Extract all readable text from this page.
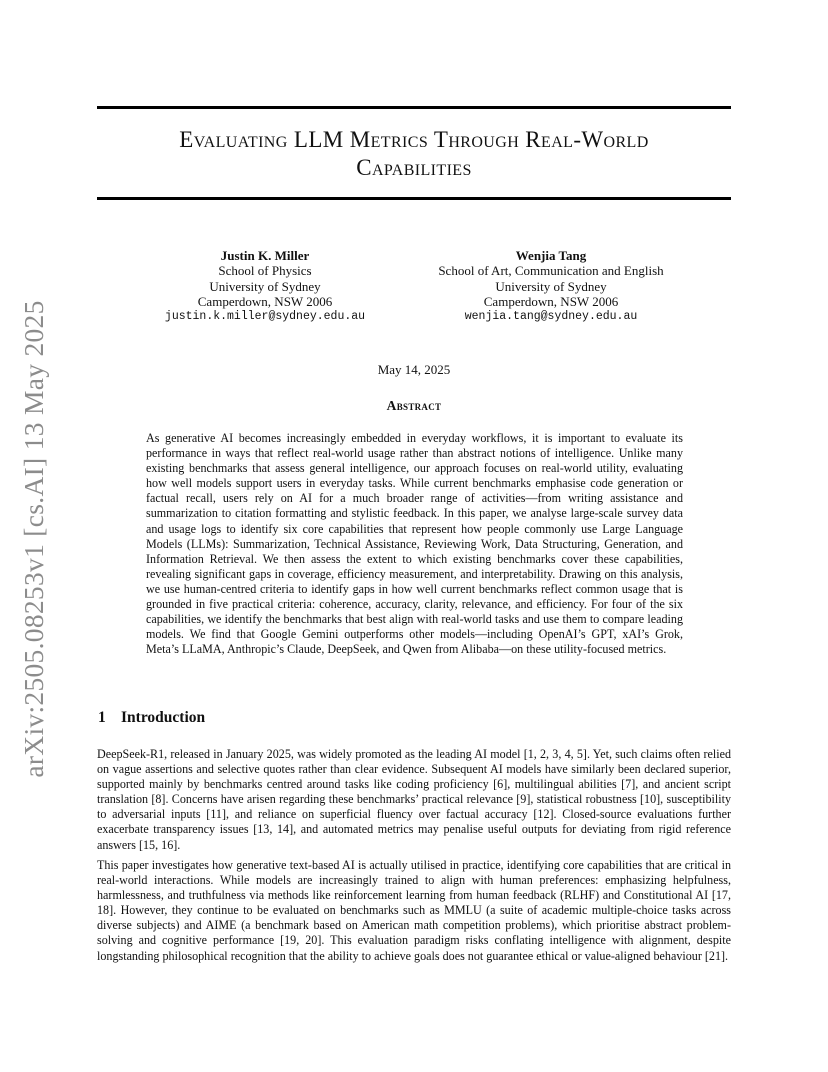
arXiv:2505.08253v1 [cs.AI] 13 May 2025
Evaluating LLM Metrics Through Real-World
Capabilities
Justin K. Miller
School of Physics
University of Sydney
Camperdown, NSW 2006
justin.k.miller@sydney.edu.au
Wenjia Tang
School of Art, Communication and English
University of Sydney
Camperdown, NSW 2006
wenjia.tang@sydney.edu.au
May 14, 2025
Abstract

As generative AI becomes increasingly embedded in everyday workflows, it is important to evaluate its performance in ways that reflect real-world usage rather than abstract notions of intelligence. Unlike many existing benchmarks that assess general intelligence, our approach focuses on real-world utility, evaluating how well models support users in everyday tasks. While current benchmarks emphasise code generation or factual recall, users rely on AI for a much broader range of activities—from writing assistance and summarization to citation formatting and stylistic feedback. In this paper, we analyse large-scale survey data and usage logs to identify six core capabilities that represent how people commonly use Large Language Models (LLMs): Summarization, Technical Assistance, Reviewing Work, Data Structuring, Generation, and Information Retrieval. We then assess the extent to which existing benchmarks cover these capabilities, revealing significant gaps in coverage, efficiency measurement, and interpretability. Drawing on this analysis, we use human-centred criteria to identify gaps in how well current benchmarks reflect common usage that is grounded in five practical criteria: coherence, accuracy, clarity, relevance, and efficiency. For four of the six capabilities, we identify the benchmarks that best align with real-world tasks and use them to compare leading models. We find that Google Gemini outperforms other models—including OpenAI’s GPT, xAI’s Grok, Meta’s LLaMA, Anthropic’s Claude, DeepSeek, and Qwen from Alibaba—on these utility-focused metrics.

1 Introduction

DeepSeek-R1, released in January 2025, was widely promoted as the leading AI model [1, 2, 3, 4, 5]. Yet, such claims often relied on vague assertions and selective quotes rather than clear evidence. Subsequent AI models have similarly been declared superior, supported mainly by benchmarks centred around tasks like coding proficiency [6], multilingual abilities [7], and ancient script translation [8]. Concerns have arisen regarding these benchmarks’ practical relevance [9], statistical robustness [10], susceptibility to adversarial inputs [11], and reliance on superficial fluency over factual accuracy [12]. Closed-source evaluations further exacerbate transparency issues [13, 14], and automated metrics may penalise useful outputs for deviating from rigid reference answers [15, 16].

This paper investigates how generative text-based AI is actually utilised in practice, identifying core capabilities that are critical in real-world interactions. While models are increasingly trained to align with human preferences: emphasizing helpfulness, harmlessness, and truthfulness via methods like reinforcement learning from human feedback (RLHF) and Constitutional AI [17, 18]. However, they continue to be evaluated on benchmarks such as MMLU (a suite of academic multiple-choice tasks across diverse subjects) and AIME (a benchmark based on American math competition problems), which prioritise abstract problem-solving and cognitive performance [19, 20]. This evaluation paradigm risks conflating intelligence with alignment, despite longstanding philosophical recognition that the ability to achieve goals does not guarantee ethical or value-aligned behaviour [21].
